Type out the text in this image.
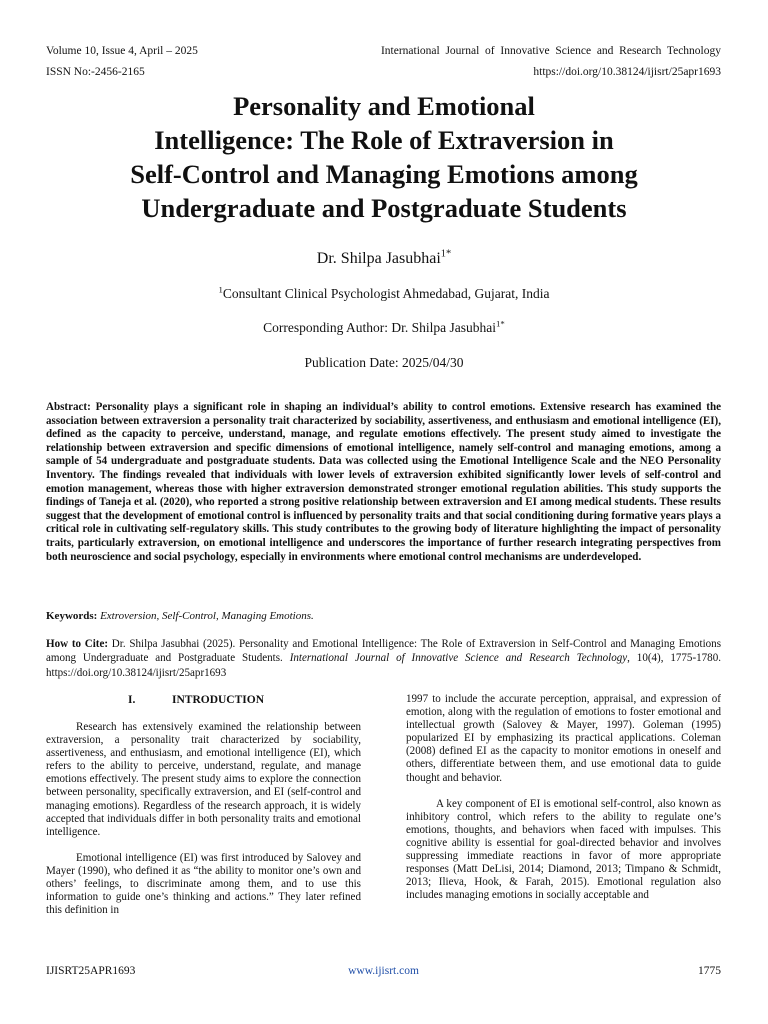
Volume 10, Issue 4, April – 2025	International  Journal  of  Innovative  Science  and  Research  Technology
ISSN No:-2456-2165	https://doi.org/10.38124/ijisrt/25apr1693
Personality and Emotional
Intelligence: The Role of Extraversion in
Self-Control and Managing Emotions among
Undergraduate and Postgraduate Students
Dr. Shilpa Jasubhai$^{1*}$
$^1$Consultant Clinical Psychologist Ahmedabad, Gujarat, India
Corresponding Author: Dr. Shilpa Jasubhai$^{1*}$
Publication Date: 2025/04/30

Abstract: Personality plays a significant role in shaping an individual’s ability to control emotions. Extensive research has examined the association between extraversion a personality trait characterized by sociability, assertiveness, and enthusiasm and emotional intelligence (EI), defined as the capacity to perceive, understand, manage, and regulate emotions effectively. The present study aimed to investigate the relationship between extraversion and specific dimensions of emotional intelligence, namely self-control and managing emotions, among a sample of 54 undergraduate and postgraduate students. Data was collected using the Emotional Intelligence Scale and the NEO Personality Inventory. The findings revealed that individuals with lower levels of extraversion exhibited significantly lower levels of self-control and emotion management, whereas those with higher extraversion demonstrated stronger emotional regulation abilities. This study supports the findings of Taneja et al. (2020), who reported a strong positive relationship between extraversion and EI among medical students. These results suggest that the development of emotional control is influenced by personality traits and that social conditioning during formative years plays a critical role in cultivating self-regulatory skills. This study contributes to the growing body of literature highlighting the impact of personality traits, particularly extraversion, on emotional intelligence and underscores the importance of further research integrating perspectives from both neuroscience and social psychology, especially in environments where emotional control mechanisms are underdeveloped.

Keywords: Extroversion, Self-Control, Managing Emotions.

How to Cite: Dr. Shilpa Jasubhai (2025). Personality and Emotional Intelligence: The Role of Extraversion in Self-Control and Managing Emotions among Undergraduate and Postgraduate Students. International Journal of Innovative Science and Research Technology, 10(4), 1775-1780. https://doi.org/10.38124/ijisrt/25apr1693

I.	INTRODUCTION

Research has extensively examined the relationship between extraversion, a personality trait characterized by sociability, assertiveness, and enthusiasm, and emotional intelligence (EI), which refers to the ability to perceive, understand, regulate, and manage emotions effectively. The present study aims to explore the connection between personality, specifically extraversion, and EI (self-control and managing emotions). Regardless of the research approach, it is widely accepted that individuals differ in both personality traits and emotional intelligence.

Emotional intelligence (EI) was first introduced by Salovey and Mayer (1990), who defined it as “the ability to monitor one’s own and others’ feelings, to discriminate among them, and to use this information to guide one’s thinking and actions.” They later refined this definition in

1997 to include the accurate perception, appraisal, and expression of emotion, along with the regulation of emotions to foster emotional and intellectual growth (Salovey & Mayer, 1997). Goleman (1995) popularized EI by emphasizing its practical applications. Coleman (2008) defined EI as the capacity to monitor emotions in oneself and others, differentiate between them, and use emotional data to guide thought and behavior.

A key component of EI is emotional self-control, also known as inhibitory control, which refers to the ability to regulate one’s emotions, thoughts, and behaviors when faced with impulses. This cognitive ability is essential for goal-directed behavior and involves suppressing immediate reactions in favor of more appropriate responses (Matt DeLisi, 2014; Diamond, 2013; Timpano & Schmidt, 2013; Ilieva, Hook, & Farah, 2015). Emotional regulation also includes managing emotions in socially acceptable and

IJISRT25APR1693	www.ijisrt.com	1775
